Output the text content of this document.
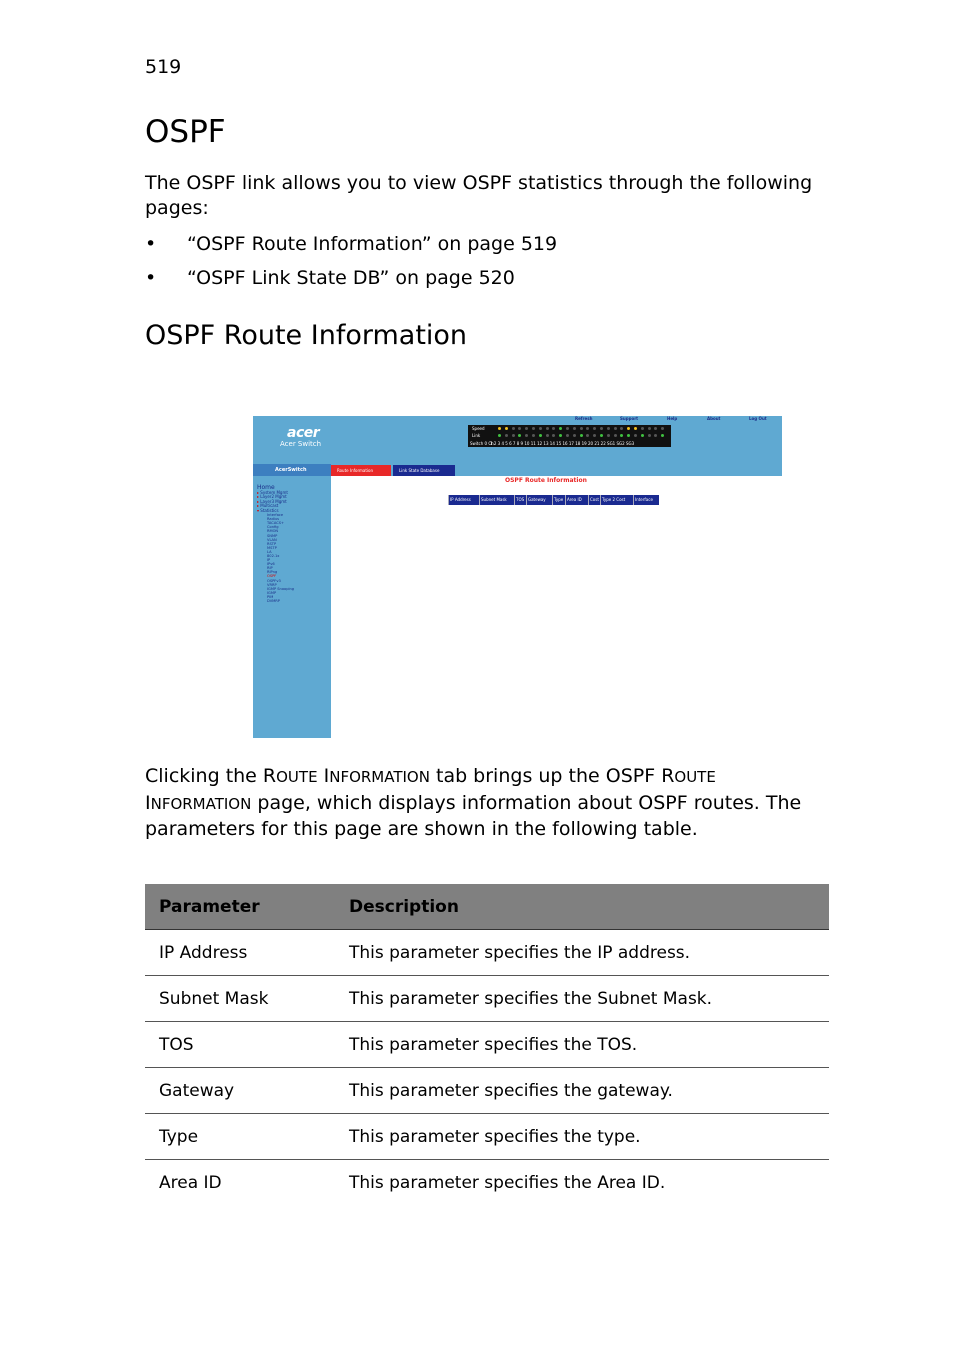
519
OSPF

The OSPF link allows you to view OSPF statistics through the following pages:

• “OSPF Route Information” on page 519
• “OSPF Link State DB” on page 520
OSPF Route Information
acer
Acer Switch
Refresh	Support	Help	About	Log Out
Speed
Link
Switch 0 Ch
1 2 3 4 5 6 7 8 9 10 11 12 13 14 15 16 17 18 19 20 21 22 SG1 SG2 SG3
Home
▸ System Mgmt
▸ Layer2 Mgmt
▸ Layer3 Mgmt
▸ Multicast
▾ Statistics
Interface
Radius
TACACS+
Config
RMON
SNMP
VLAN
RSTP
MSTP
LA
802.1x
IP
IPv6
RIP
RIPng
OSPF
OSPFv3
VRRP
IGMP Snooping
IGMP
PIM
DVMRP
AcerSwitch	Route Information	Link State Database
OSPF Route Information
IP Address	Subnet Mask TOS Gateway Type Area ID Cost Type 2 Cost Interface

Clicking the ROUTE INFORMATION tab brings up the OSPF ROUTE
INFORMATION page, which displays information about OSPF routes. The parameters for this page are shown in the following table.

Parameter	Description
IP Address	This parameter specifies the IP address.
Subnet Mask	This parameter specifies the Subnet Mask.
TOS	This parameter specifies the TOS.
Gateway	This parameter specifies the gateway.
Type	This parameter specifies the type.
Area ID	This parameter specifies the Area ID.
